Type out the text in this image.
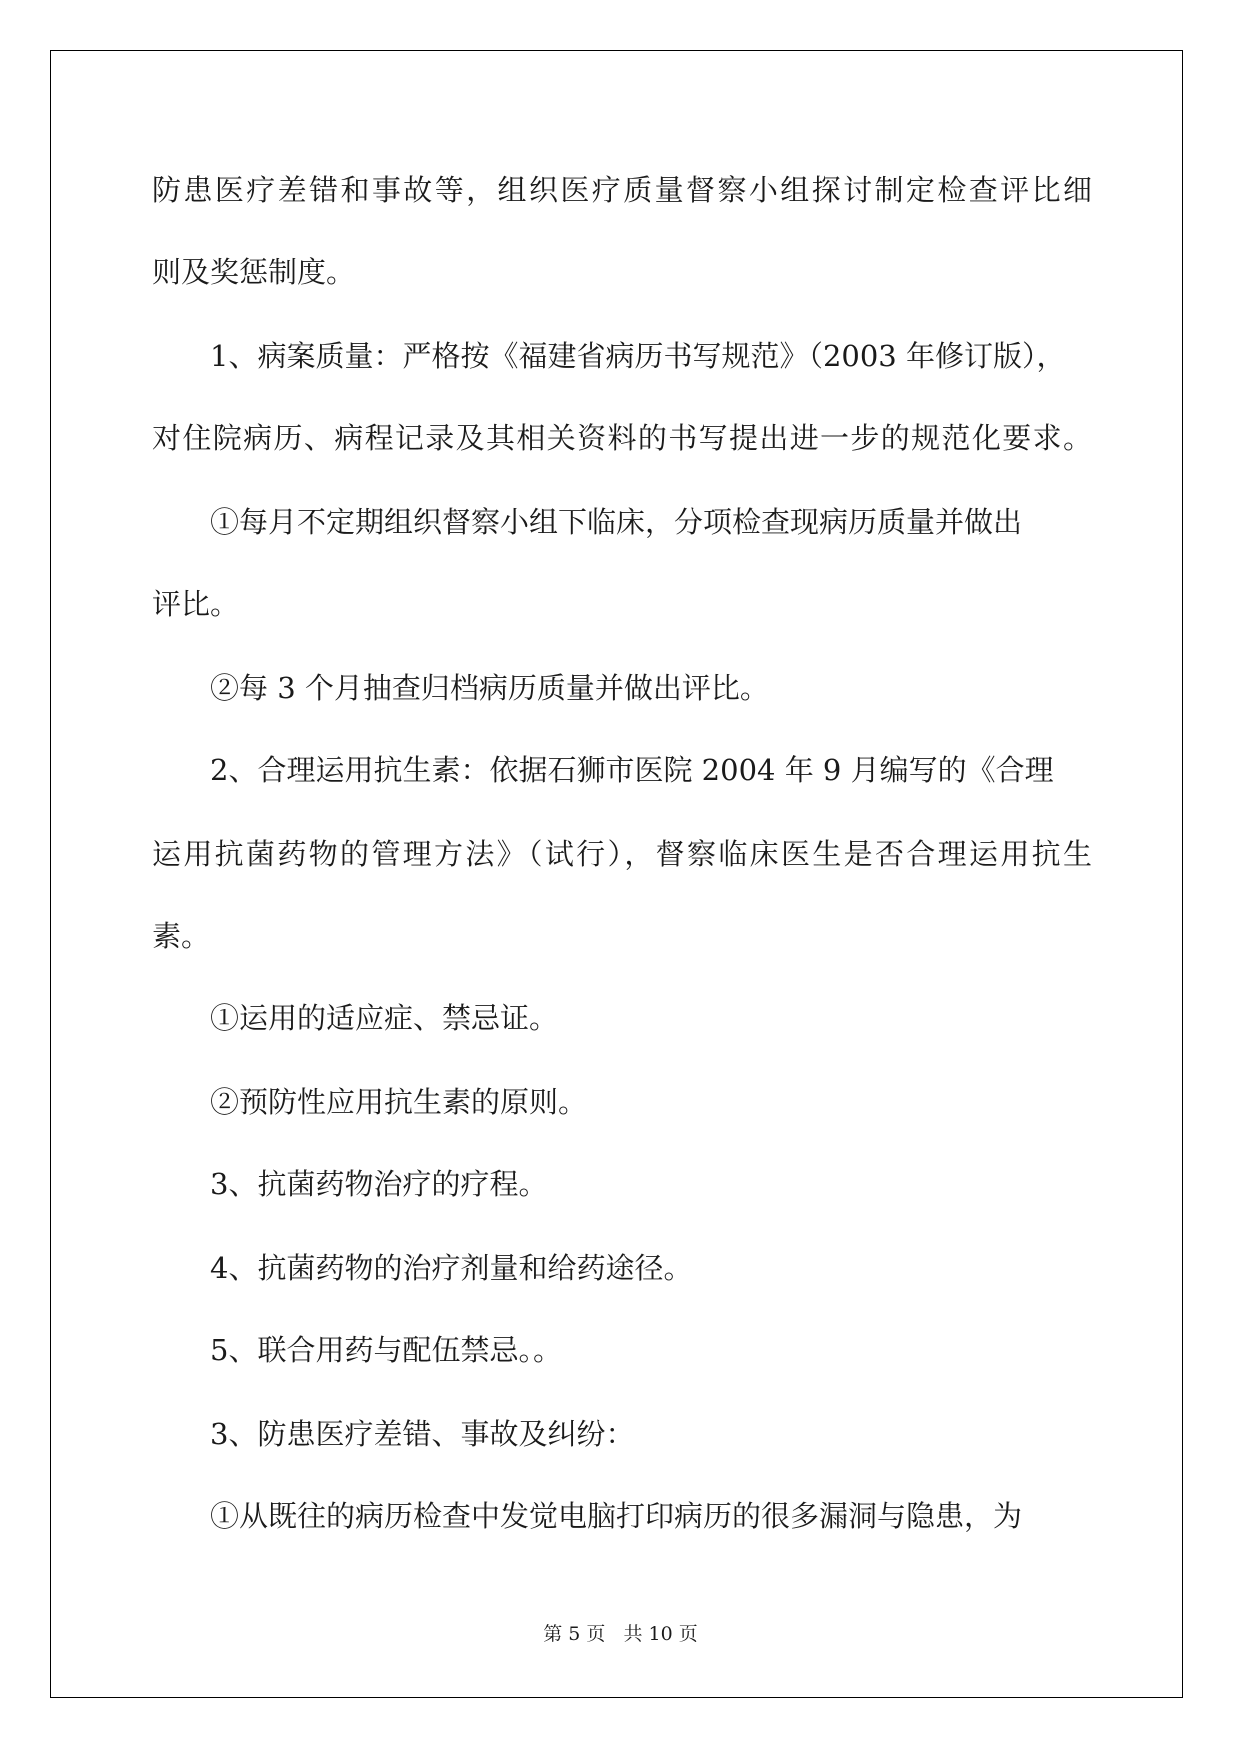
防患医疗差错和事故等，组织医疗质量督察小组探讨制定检查评比细
则及奖惩制度。
1、病案质量：严格按《福建省病历书写规范》（2003 年修订版），
对住院病历、病程记录及其相关资料的书写提出进一步的规范化要求。
①每月不定期组织督察小组下临床，分项检查现病历质量并做出
评比。
②每 3 个月抽查归档病历质量并做出评比。
2、合理运用抗生素：依据石狮市医院 2004 年 9 月编写的《合理
运用抗菌药物的管理方法》（试行），督察临床医生是否合理运用抗生
素。
①运用的适应症、禁忌证。
②预防性应用抗生素的原则。
3、抗菌药物治疗的疗程。
4、抗菌药物的治疗剂量和给药途径。
5、联合用药与配伍禁忌。。
3、防患医疗差错、事故及纠纷：
①从既往的病历检查中发觉电脑打印病历的很多漏洞与隐患，为
第 5 页 共 10 页
